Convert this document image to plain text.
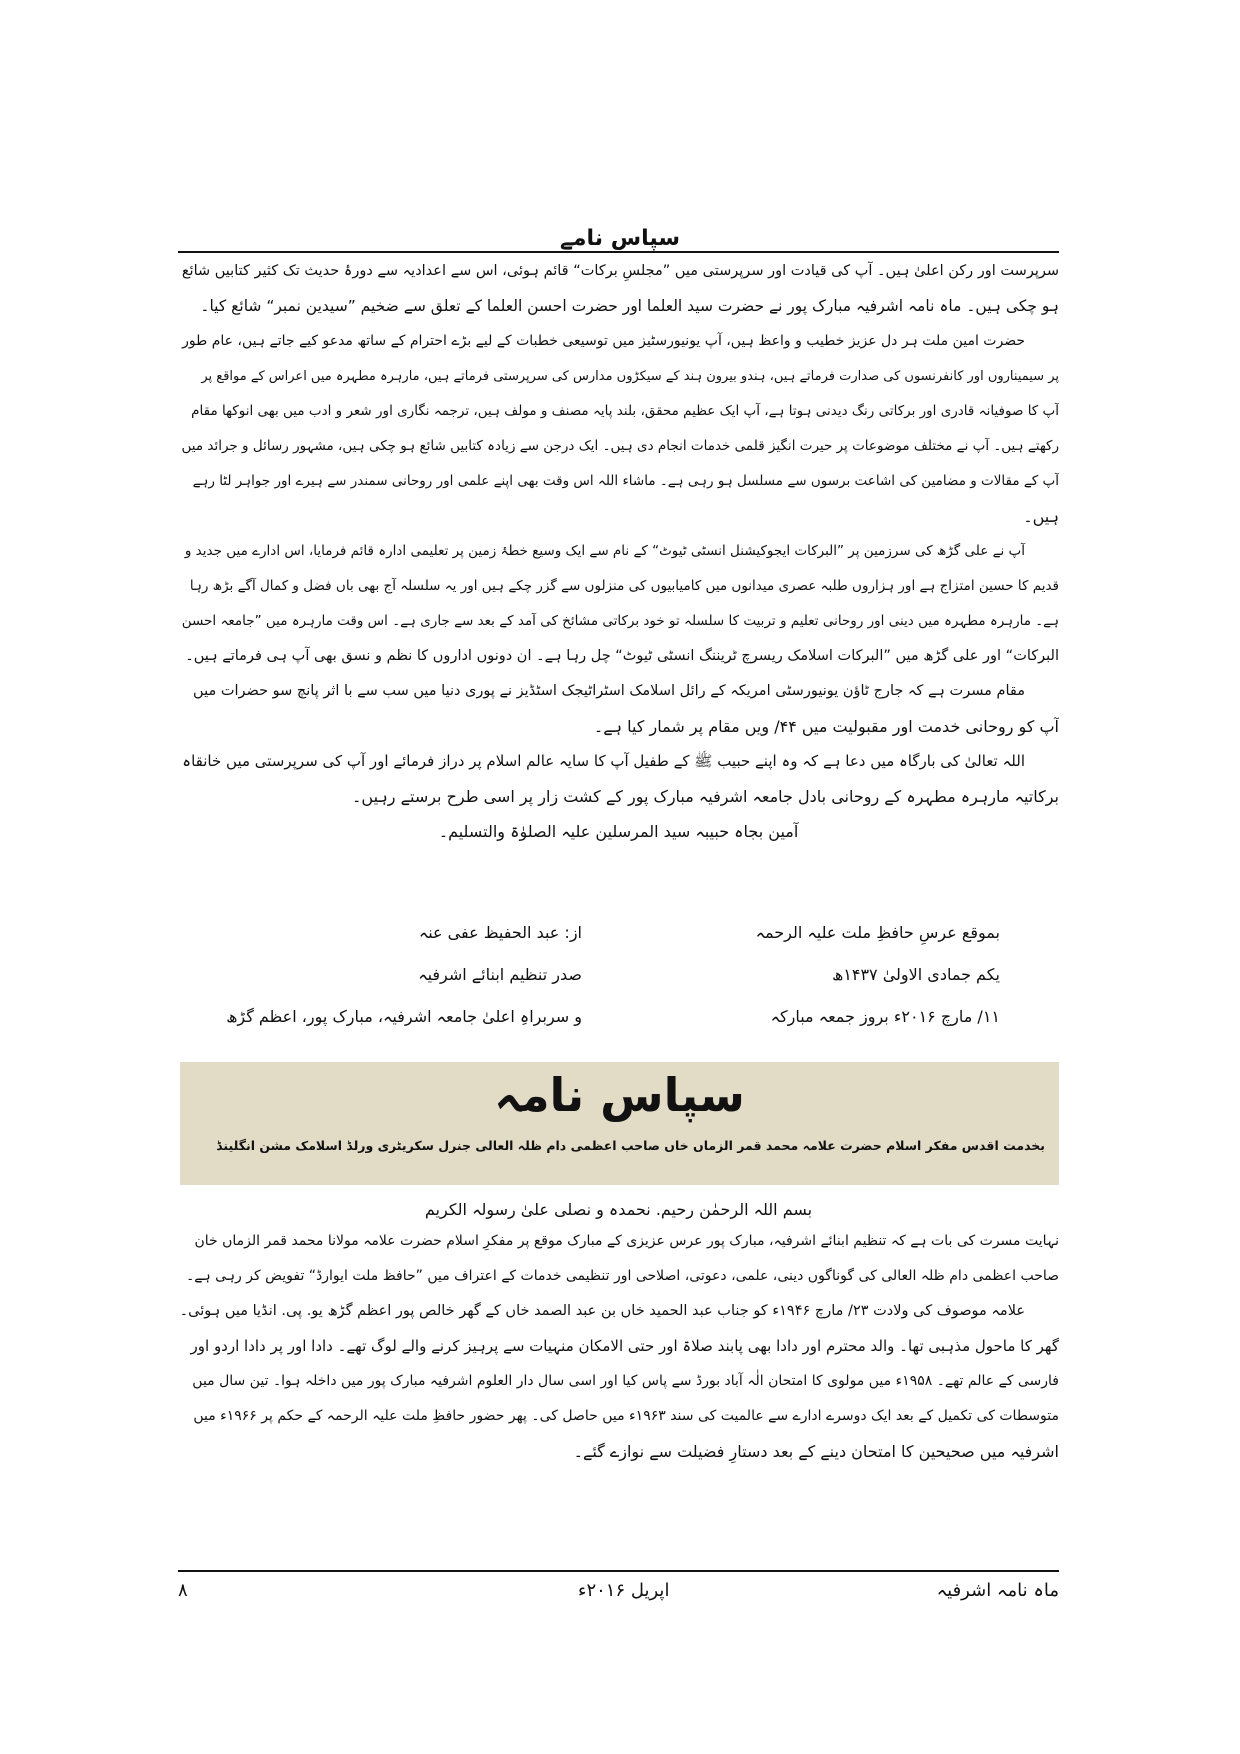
سپاس نامے
سرپرست اور رکن اعلیٰ ہیں۔ آپ کی قیادت اور سرپرستی میں ”مجلسِ برکات“ قائم ہوئی، اس سے اعدادیہ سے دورۂ حدیث تک کثیر کتابیں شائع
ہو چکی ہیں۔ ماہ نامہ اشرفیہ مبارک پور نے حضرت سید العلما اور حضرت احسن العلما کے تعلق سے ضخیم ”سیدین نمبر“ شائع کیا۔
حضرت امین ملت ہر دل عزیز خطیب و واعظ ہیں، آپ یونیورسٹیز میں توسیعی خطبات کے لیے بڑے احترام کے ساتھ مدعو کیے جاتے ہیں، عام طور
پر سیمیناروں اور کانفرنسوں کی صدارت فرماتے ہیں، ہندو بیرون ہند کے سیکڑوں مدارس کی سرپرستی فرماتے ہیں، مارہرہ مطہرہ میں اعراس کے مواقع پر
آپ کا صوفیانہ قادری اور برکاتی رنگ دیدنی ہوتا ہے، آپ ایک عظیم محقق، بلند پایہ مصنف و مولف ہیں، ترجمہ نگاری اور شعر و ادب میں بھی انوکھا مقام
رکھتے ہیں۔ آپ نے مختلف موضوعات پر حیرت انگیز قلمی خدمات انجام دی ہیں۔ ایک درجن سے زیادہ کتابیں شائع ہو چکی ہیں، مشہور رسائل و جرائد میں
آپ کے مقالات و مضامین کی اشاعت برسوں سے مسلسل ہو رہی ہے۔ ماشاء اللہ اس وقت بھی اپنے علمی اور روحانی سمندر سے ہیرے اور جواہر لٹا رہے
ہیں۔
آپ نے علی گڑھ کی سرزمین پر ”البرکات ایجوکیشنل انسٹی ٹیوٹ“ کے نام سے ایک وسیع خطۂ زمین پر تعلیمی ادارہ قائم فرمایا، اس ادارے میں جدید و
قدیم کا حسین امتزاج ہے اور ہزاروں طلبہ عصری میدانوں میں کامیابیوں کی منزلوں سے گزر چکے ہیں اور یہ سلسلہ آج بھی باں فضل و کمال آگے بڑھ رہا
ہے۔ مارہرہ مطہرہ میں دینی اور روحانی تعلیم و تربیت کا سلسلہ تو خود برکاتی مشائخ کی آمد کے بعد سے جاری ہے۔ اس وقت مارہرہ میں ”جامعہ احسن
البرکات“ اور علی گڑھ میں ”البرکات اسلامک ریسرچ ٹریننگ انسٹی ٹیوٹ“ چل رہا ہے۔ ان دونوں اداروں کا نظم و نسق بھی آپ ہی فرماتے ہیں۔
مقام مسرت ہے کہ جارج ٹاؤن یونیورسٹی امریکہ کے رائل اسلامک اسٹراٹیجک اسٹڈیز نے پوری دنیا میں سب سے با اثر پانچ سو حضرات میں
آپ کو روحانی خدمت اور مقبولیت میں ۴۴/ ویں مقام پر شمار کیا ہے۔
اللہ تعالیٰ کی بارگاہ میں دعا ہے کہ وہ اپنے حبیب ﷺ کے طفیل آپ کا سایہ عالم اسلام پر دراز فرمائے اور آپ کی سرپرستی میں خانقاہ
برکاتیہ مارہرہ مطہرہ کے روحانی بادل جامعہ اشرفیہ مبارک پور کے کشت زار پر اسی طرح برستے رہیں۔
آمین بجاہ حبیبہ سید المرسلین علیہ الصلوٰۃ والتسلیم۔
بموقع عرسِ حافظِ ملت علیہ الرحمہ
از: عبد الحفیظ عفی عنہ
یکم جمادی الاولیٰ ۱۴۳۷ھ
صدر تنظیم ابنائے اشرفیہ
۱۱/ مارچ ۲۰۱۶ء بروز جمعہ مبارکہ
و سربراہِ اعلیٰ جامعہ اشرفیہ، مبارک پور، اعظم گڑھ
سپاس نامہ
بخدمت اقدس مفکر اسلام حضرت علامہ محمد قمر الزماں خاں صاحب اعظمی دام ظلہ العالی جنرل سکریٹری ورلڈ اسلامک مشن انگلینڈ
بسم اللہ الرحمٰن رحیم. نحمدہ و نصلی علیٰ رسولہ الکریم
نہایت مسرت کی بات ہے کہ تنظیم ابنائے اشرفیہ، مبارک پور عرس عزیزی کے مبارک موقع پر مفکرِ اسلام حضرت علامہ مولانا محمد قمر الزماں خان
صاحب اعظمی دام ظلہ العالی کی گوناگوں دینی، علمی، دعوتی، اصلاحی اور تنظیمی خدمات کے اعتراف میں ”حافظ ملت ایوارڈ“ تفویض کر رہی ہے۔
علامہ موصوف کی ولادت ۲۳/ مارچ ۱۹۴۶ء کو جناب عبد الحمید خاں بن عبد الصمد خاں کے گھر خالص پور اعظم گڑھ یو. پی. انڈیا میں ہوئی۔
گھر کا ماحول مذہبی تھا۔ والد محترم اور دادا بھی پابند صلاۃ اور حتی الامکان منہیات سے پرہیز کرنے والے لوگ تھے۔ دادا اور پر دادا اردو اور
فارسی کے عالم تھے۔ ۱۹۵۸ء میں مولوی کا امتحان الٰہ آباد بورڈ سے پاس کیا اور اسی سال دار العلوم اشرفیہ مبارک پور میں داخلہ ہوا۔ تین سال میں
متوسطات کی تکمیل کے بعد ایک دوسرے ادارے سے عالمیت کی سند ۱۹۶۳ء میں حاصل کی۔ پھر حضور حافظِ ملت علیہ الرحمہ کے حکم پر ۱۹۶۶ء میں
اشرفیہ میں صحیحین کا امتحان دینے کے بعد دستارِ فضیلت سے نوازے گئے۔
۸	اپریل ۲۰۱۶ء	ماہ نامہ اشرفیہ
